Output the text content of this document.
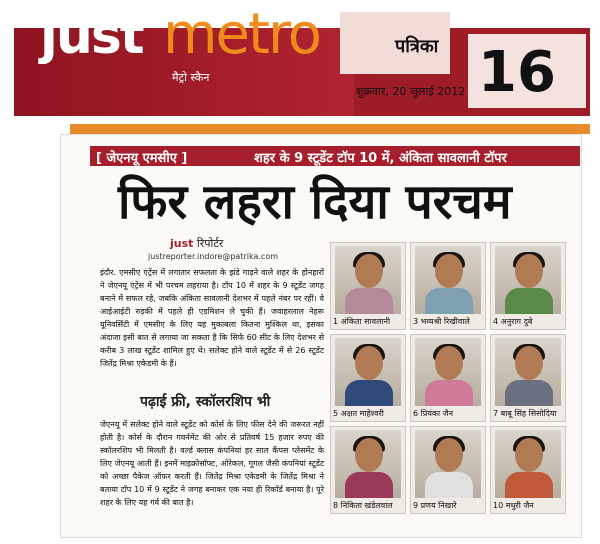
just metro
मैट्रो स्कैन
पत्रिका
शुक्रवार, 20 जुलाई 2012 16
[ जेएनयू एमसीए ]	शहर के 9 स्टूडेंट टॉप 10 में, अंकिता सावलानी टॉपर
फिर लहरा दिया परचम
just रिपोर्टर
justreporter.indore@patrika.com
इंदौर. एमसीए एंट्रेंस में लगातार सफलता के झंडे गाड़ने वाले शहर के होनहारों ने जेएनयू एंट्रेंस में भी परचम लहराया है। टॉप 10 में शहर के 9 स्टूडेंट जगह बनाने में सफल रहे, जबकि अंकिता सावलानी देशभर में पहले नंबर पर रहीं। वे आईआईटी रुड़की में पहले ही एडमिशन ले चुकी हैं। जवाहरलाल नेहरू यूनिवर्सिटी में एमसीए के लिए यह मुकाबला कितना मुश्किल था, इसका अंदाजा इसी बात से लगाया जा सकता है कि सिर्फ 60 सीट के लिए देशभर से करीब 3 लाख स्टूडेंट शामिल हुए थे। सलेक्ट होने वाले स्टूडेंट में से 26 स्टूडेंट जितेंद्र मिश्रा एकेडमी के हैं।
पढ़ाई फ्री, स्कॉलरशिप भी
जेएनयू में सलेक्ट होने वाले स्टूडेंट को कोर्स के लिए फीस देने की जरूरत नहीं होती है। कोर्स के दौरान गवर्नमेंट की ओर से प्रतिवर्ष 15 हजार रुपए की स्कॉलरशिप भी मिलती है। वर्ल्ड क्लास कंपनियां हर साल कैंपस प्लेसमेंट के लिए जेएनयू आती हैं। इनमें माइक्रोसॉफ्ट, ओरेकल, गूगल जैसी कंपनियां स्टूडेंट को अच्छा पैकेज ऑफर करती हैं। जितेंद्र मिश्रा एकेडमी के जितेंद्र मिश्रा ने बताया टॉप 10 में 9 स्टूडेंट ने जगह बनाकर एक नया ही रिकॉर्ड बनाया है। पूरे शहर के लिए यह गर्व की बात है।
1 अंकिता सावलानी	3 भव्यश्री रिखीवाले	4 अनुराग दुबे
5 अक्षत माहेश्वरी	6 प्रियंका जैन	7 बाबू सिंह सिसोदिया
8 निकिता खंडेलवाल	9 प्रणय निखारे	10 मधुरी जैन
